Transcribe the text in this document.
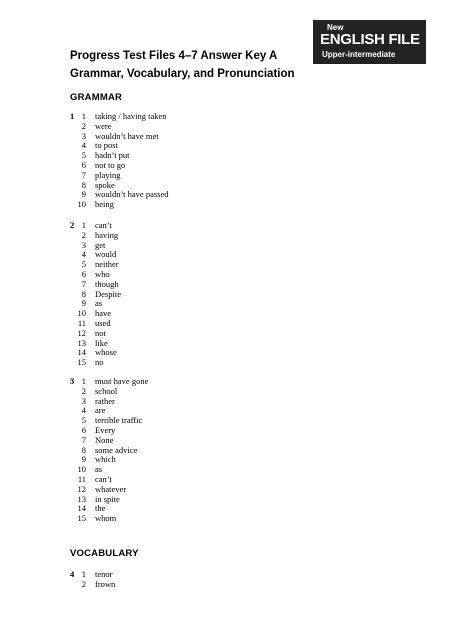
New
ENGLISH FILE
Upper-intermediate
Progress Test Files 4–7 Answer Key A
Grammar, Vocabulary, and Pronunciation
GRAMMAR
1 1 taking / having taken
2 were
3 wouldn’t have met
4 to post
5 hadn’t put
6 not to go
7 playing
8 spoke
9 wouldn’t have passed
10 being
2 1 can’t
2 having
3 get
4 would
5 neither
6 who
7 though
8 Despite
9 as
10 have
11 used
12 not
13 like
14 whose
15 no
3 1 must have gone
2 school
3 rather
4 are
5 terrible traffic
6 Every
7 None
8 some advice
9 which
10 as
11 can’t
12 whatever
13 in spite
14 the
15 whom
VOCABULARY
4 1 tenor
2 frown
